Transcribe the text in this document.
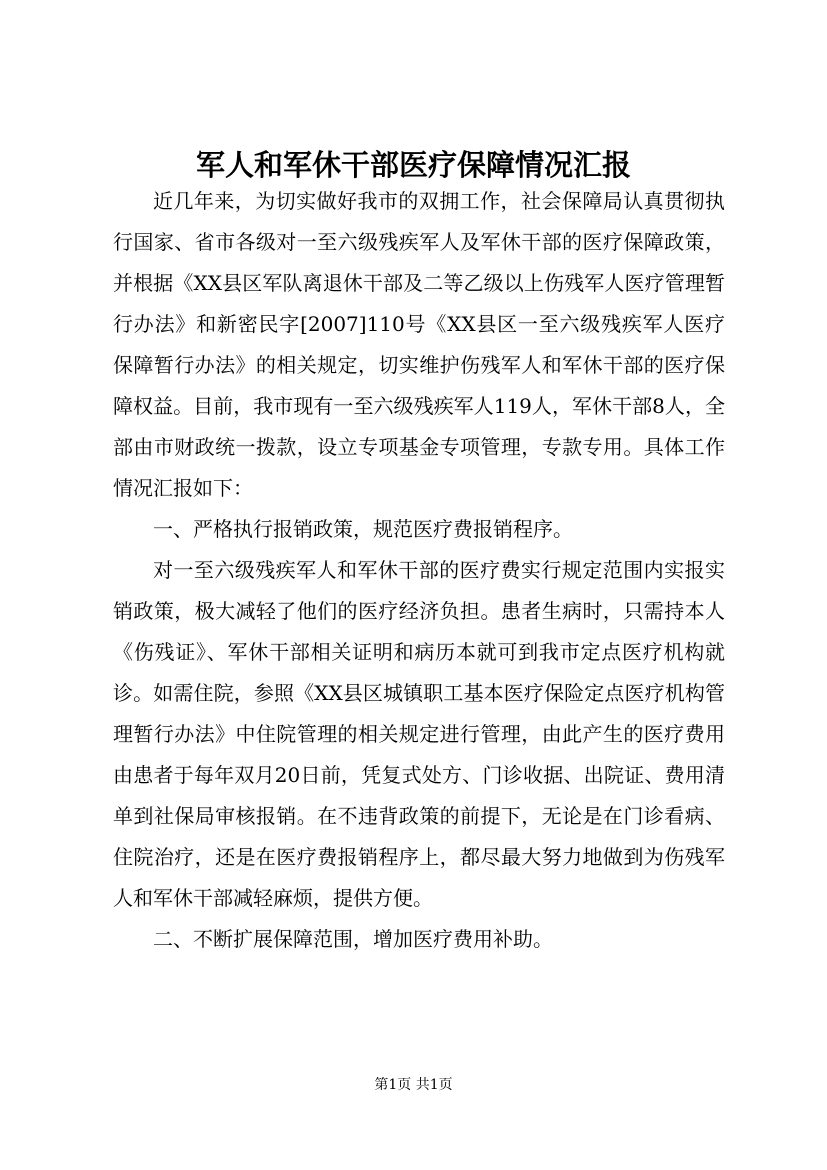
军人和军休干部医疗保障情况汇报

近几年来，为切实做好我市的双拥工作，社会保障局认真贯彻执行国家、省市各级对一至六级残疾军人及军休干部的医疗保障政策，并根据《XX县区军队离退休干部及二等乙级以上伤残军人医疗管理暂行办法》和新密民字[2007]110号《XX县区一至六级残疾军人医疗保障暂行办法》的相关规定，切实维护伤残军人和军休干部的医疗保障权益。目前，我市现有一至六级残疾军人119人，军休干部8人，全部由市财政统一拨款，设立专项基金专项管理，专款专用。具体工作情况汇报如下：

一、严格执行报销政策，规范医疗费报销程序。

对一至六级残疾军人和军休干部的医疗费实行规定范围内实报实销政策，极大减轻了他们的医疗经济负担。患者生病时，只需持本人《伤残证》、军休干部相关证明和病历本就可到我市定点医疗机构就诊。如需住院，参照《XX县区城镇职工基本医疗保险定点医疗机构管理暂行办法》中住院管理的相关规定进行管理，由此产生的医疗费用由患者于每年双月20日前，凭复式处方、门诊收据、出院证、费用清单到社保局审核报销。在不违背政策的前提下，无论是在门诊看病、住院治疗，还是在医疗费报销程序上，都尽最大努力地做到为伤残军人和军休干部减轻麻烦，提供方便。

二、不断扩展保障范围，增加医疗费用补助。

第1页 共1页
